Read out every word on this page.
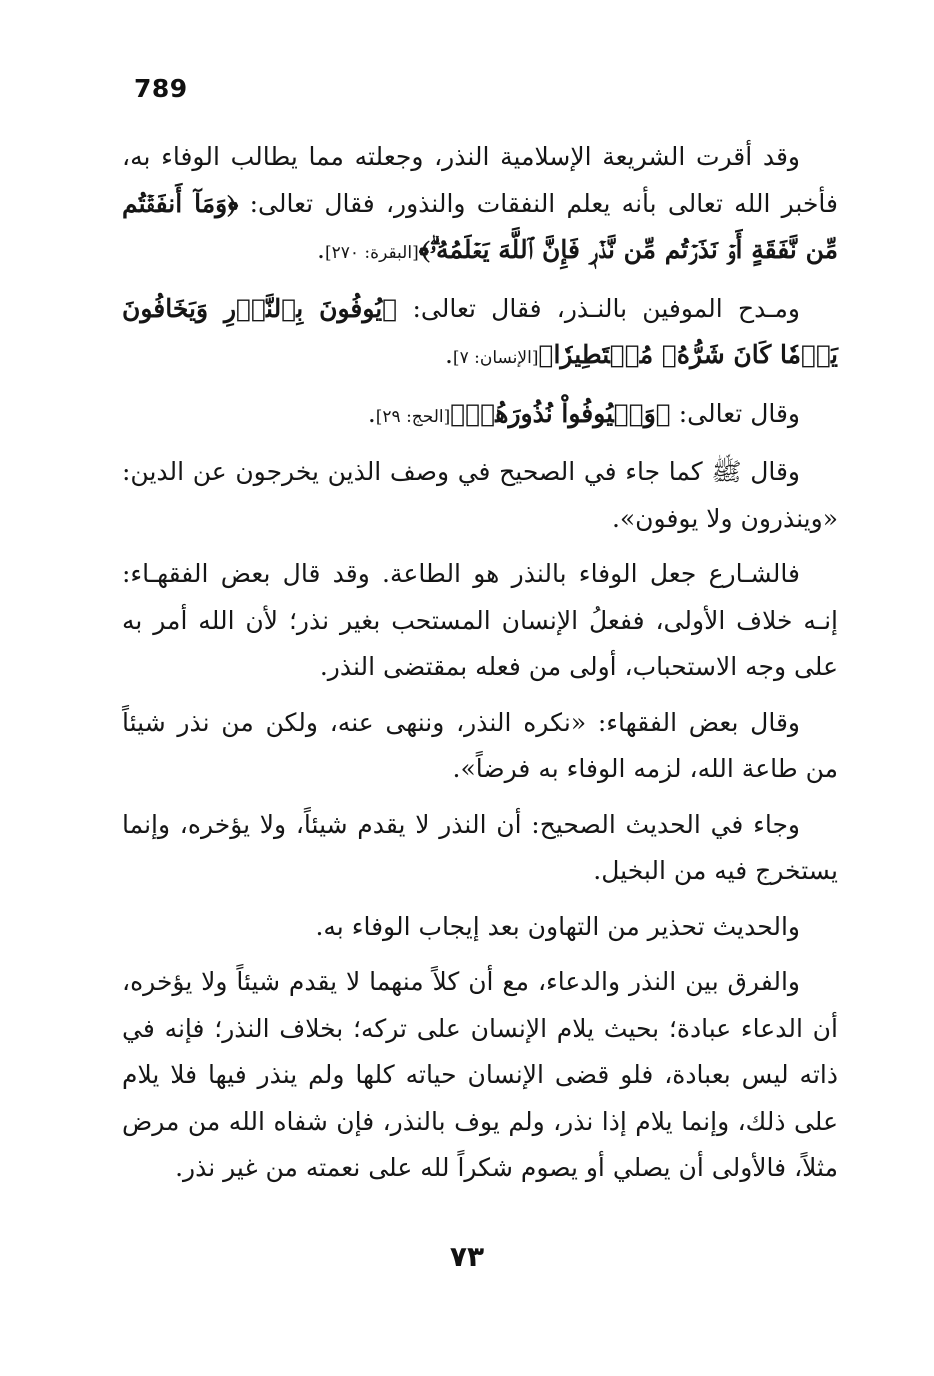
789

وقد أقرت الشريعة الإسلامية النذر، وجعلته مما يطالب الوفاء به، فأخبر الله تعالى بأنه يعلم النفقات والنذور، فقال تعالى: ﴿وَمَآ أَنفَقۡتُم مِّن نَّفَقَةٍ أَوۡ نَذَرۡتُم مِّن نَّذۡرٖ فَإِنَّ ٱللَّهَ يَعۡلَمُهُۥۗ﴾[البقرة: ٢٧٠].

ومـدح الموفين بالنـذر، فقال تعالى: ﴿يُوفُونَ بِٱلنَّذۡرِ وَيَخَافُونَ يَوۡمٗا كَانَ شَرُّهُۥ مُسۡتَطِيرٗا﴾[الإنسان: ٧].

وقال تعالى: ﴿وَلۡيُوفُواْ نُذُورَهُمۡ﴾[الحج: ٢٩].

وقال ﷺ كما جاء في الصحيح في وصف الذين يخرجون عن الدين: «وينذرون ولا يوفون».

فالشـارع جعل الوفاء بالنذر هو الطاعة. وقد قال بعض الفقهـاء: إنـه خلاف الأولى، ففعلُ الإنسان المستحب بغير نذر؛ لأن الله أمر به على وجه الاستحباب، أولى من فعله بمقتضى النذر.

وقال بعض الفقهاء: «نكره النذر، وننهى عنه، ولكن من نذر شيئاً من طاعة الله، لزمه الوفاء به فرضاً».

وجاء في الحديث الصحيح: أن النذر لا يقدم شيئاً، ولا يؤخره، وإنما يستخرج فيه من البخيل.

والحديث تحذير من التهاون بعد إيجاب الوفاء به.

والفرق بين النذر والدعاء، مع أن كلاً منهما لا يقدم شيئاً ولا يؤخره، أن الدعاء عبادة؛ بحيث يلام الإنسان على تركه؛ بخلاف النذر؛ فإنه في ذاته ليس بعبادة، فلو قضى الإنسان حياته كلها ولم ينذر فيها فلا يلام على ذلك، وإنما يلام إذا نذر، ولم يوف بالنذر، فإن شفاه الله من مرض مثلاً، فالأولى أن يصلي أو يصوم شكراً لله على نعمته من غير نذر.

٧٣
